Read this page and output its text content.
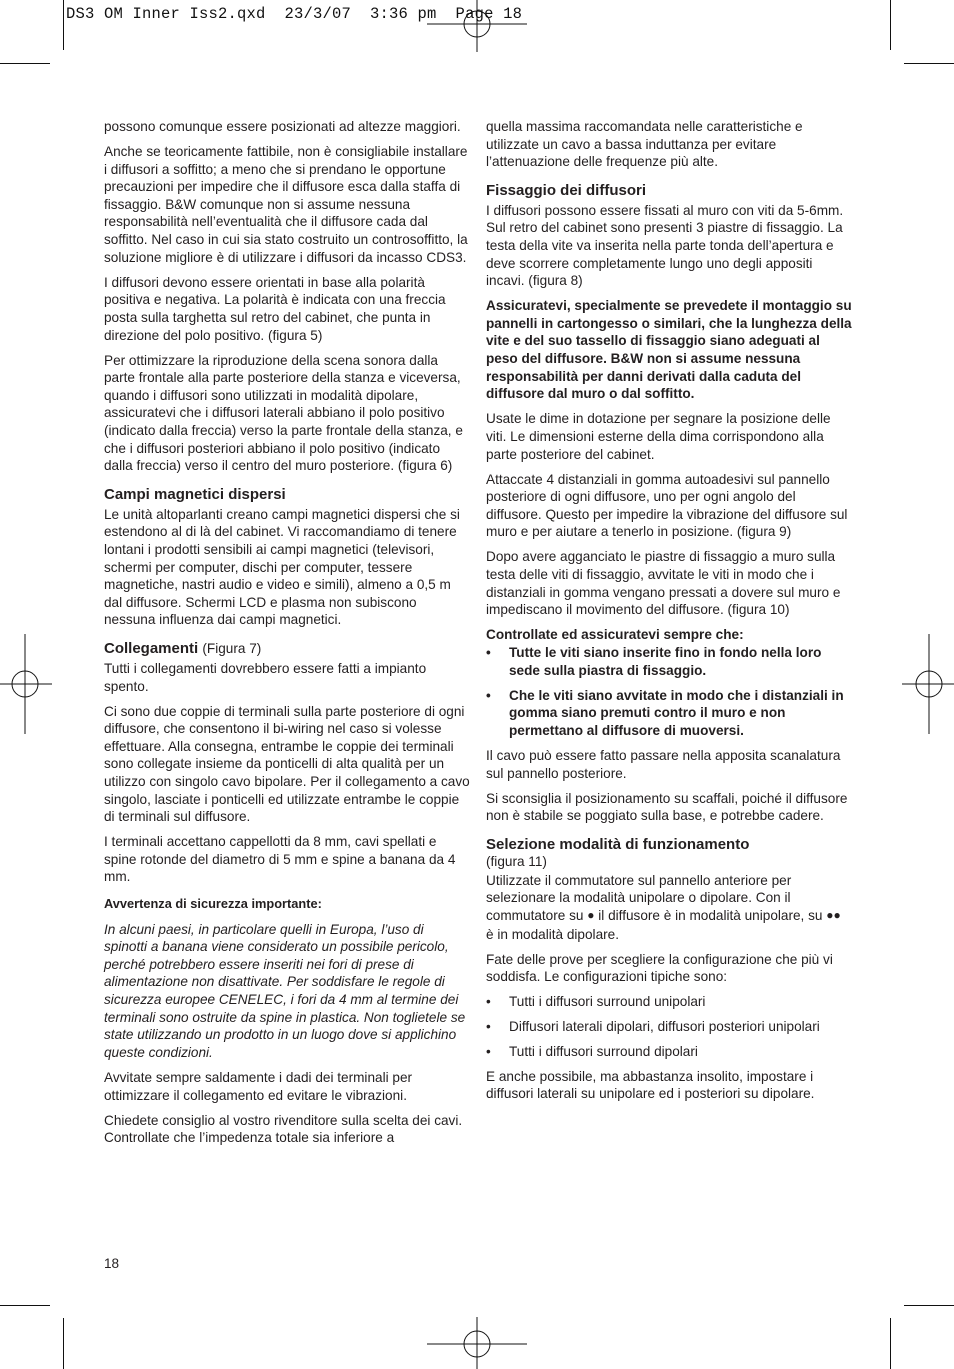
DS3 OM Inner Iss2.qxd  23/3/07  3:36 pm  Page 18

possono comunque essere posizionati ad altezze maggiori.

Anche se teoricamente fattibile, non è consigliabile installare i diffusori a soffitto; a meno che si prendano le opportune precauzioni per impedire che il diffusore esca dalla staffa di fissaggio. B&W comunque non si assume nessuna responsabilità nell’eventualità che il diffusore cada dal soffitto. Nel caso in cui sia stato costruito un controsoffitto, la soluzione migliore è di utilizzare i diffusori da incasso CDS3.

I diffusori devono essere orientati in base alla polarità positiva e negativa. La polarità è indicata con una freccia posta sulla targhetta sul retro del cabinet, che punta in direzione del polo positivo. (figura 5)

Per ottimizzare la riproduzione della scena sonora dalla parte frontale alla parte posteriore della stanza e viceversa, quando i diffusori sono utilizzati in modalità dipolare, assicuratevi che i diffusori laterali abbiano il polo positivo (indicato dalla freccia) verso la parte frontale della stanza, e che i diffusori posteriori abbiano il polo positivo (indicato dalla freccia) verso il centro del muro posteriore. (figura 6)

Campi magnetici dispersi

Le unità altoparlanti creano campi magnetici dispersi che si estendono al di là del cabinet. Vi raccomandiamo di tenere lontani i prodotti sensibili ai campi magnetici (televisori, schermi per computer, dischi per computer, tessere magnetiche, nastri audio e video e simili), almeno a 0,5 m dal diffusore. Schermi LCD e plasma non subiscono nessuna influenza dai campi magnetici.

Collegamenti (Figura 7)

Tutti i collegamenti dovrebbero essere fatti a impianto spento.

Ci sono due coppie di terminali sulla parte posteriore di ogni diffusore, che consentono il bi-wiring nel caso si volesse effettuare. Alla consegna, entrambe le coppie dei terminali sono collegate insieme da ponticelli di alta qualità per un utilizzo con singolo cavo bipolare. Per il collegamento a cavo singolo, lasciate i ponticelli ed utilizzate entrambe le coppie di terminali sul diffusore.

I terminali accettano cappellotti da 8 mm, cavi spellati e spine rotonde del diametro di 5 mm e spine a banana da 4 mm.

Avvertenza di sicurezza importante:

In alcuni paesi, in particolare quelli in Europa, l’uso di spinotti a banana viene considerato un possibile pericolo, perché potrebbero essere inseriti nei fori di prese di alimentazione non disattivate. Per soddisfare le regole di sicurezza europee CENELEC, i fori da 4 mm al termine dei terminali sono ostruite da spine in plastica. Non toglietele se state utilizzando un prodotto in un luogo dove si applichino queste condizioni.

Avvitate sempre saldamente i dadi dei terminali per ottimizzare il collegamento ed evitare le vibrazioni.

Chiedete consiglio al vostro rivenditore sulla scelta dei cavi. Controllate che l’impedenza totale sia inferiore a

quella massima raccomandata nelle caratteristiche e utilizzate un cavo a bassa induttanza per evitare l’attenuazione delle frequenze più alte.

Fissaggio dei diffusori

I diffusori possono essere fissati al muro con viti da 5-6mm. Sul retro del cabinet sono presenti 3 piastre di fissaggio. La testa della vite va inserita nella parte tonda dell’apertura e deve scorrere completamente lungo uno degli appositi incavi. (figura 8)

Assicuratevi, specialmente se prevedete il montaggio su pannelli in cartongesso o similari, che la lunghezza della vite e del suo tassello di fissaggio siano adeguati al peso del diffusore. B&W non si assume nessuna responsabilità per danni derivati dalla caduta del diffusore dal muro o dal soffitto.

Usate le dime in dotazione per segnare la posizione delle viti. Le dimensioni esterne della dima corrispondono alla parte posteriore del cabinet.

Attaccate 4 distanziali in gomma autoadesivi sul pannello posteriore di ogni diffusore, uno per ogni angolo del diffusore. Questo per impedire la vibrazione del diffusore sul muro e per aiutare a tenerlo in posizione. (figura 9)

Dopo avere agganciato le piastre di fissaggio a muro sulla testa delle viti di fissaggio, avvitate le viti in modo che i distanziali in gomma vengano pressati a dovere sul muro e impediscano il movimento del diffusore. (figura 10)

Controllate ed assicuratevi sempre che:

• Tutte le viti siano inserite fino in fondo nella loro sede sulla piastra di fissaggio.
• Che le viti siano avvitate in modo che i distanziali in gomma siano premuti contro il muro e non permettano al diffusore di muoversi.

Il cavo può essere fatto passare nella apposita scanalatura sul pannello posteriore.

Si sconsiglia il posizionamento su scaffali, poiché il diffusore non è stabile se poggiato sulla base, e potrebbe cadere.

Selezione modalità di funzionamento
(figura 11)

Utilizzate il commutatore sul pannello anteriore per selezionare la modalità unipolare o dipolare. Con il commutatore su ● il diffusore è in modalità unipolare, su ●● è in modalità dipolare.

Fate delle prove per scegliere la configurazione che più vi soddisfa. Le configurazioni tipiche sono:

• Tutti i diffusori surround unipolari
• Diffusori laterali dipolari, diffusori posteriori unipolari
• Tutti i diffusori surround dipolari

E anche possibile, ma abbastanza insolito, impostare i diffusori laterali su unipolare ed i posteriori su dipolare.

18
